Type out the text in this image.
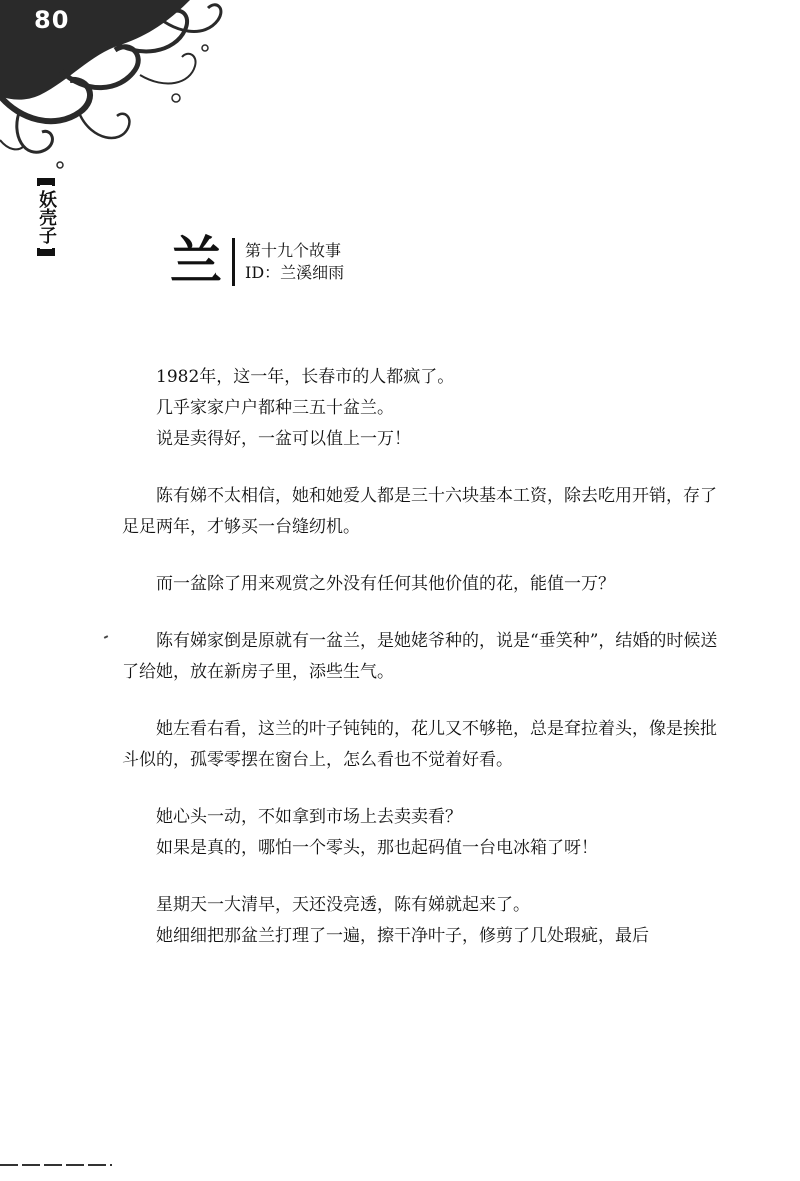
80
妖壳子
兰 第十九个故事
ID：兰溪细雨

1982年，这一年，长春市的人都疯了。
几乎家家户户都种三五十盆兰。
说是卖得好，一盆可以值上一万！

陈有娣不太相信，她和她爱人都是三十六块基本工资，除去吃用开销，存了足足两年，才够买一台缝纫机。

而一盆除了用来观赏之外没有任何其他价值的花，能值一万？

陈有娣家倒是原就有一盆兰，是她姥爷种的，说是“垂笑种”，结婚的时候送了给她，放在新房子里，添些生气。

她左看右看，这兰的叶子钝钝的，花儿又不够艳，总是耷拉着头，像是挨批斗似的，孤零零摆在窗台上，怎么看也不觉着好看。

她心头一动，不如拿到市场上去卖卖看？
如果是真的，哪怕一个零头，那也起码值一台电冰箱了呀！

星期天一大清早，天还没亮透，陈有娣就起来了。
她细细把那盆兰打理了一遍，擦干净叶子，修剪了几处瑕疵，最后
